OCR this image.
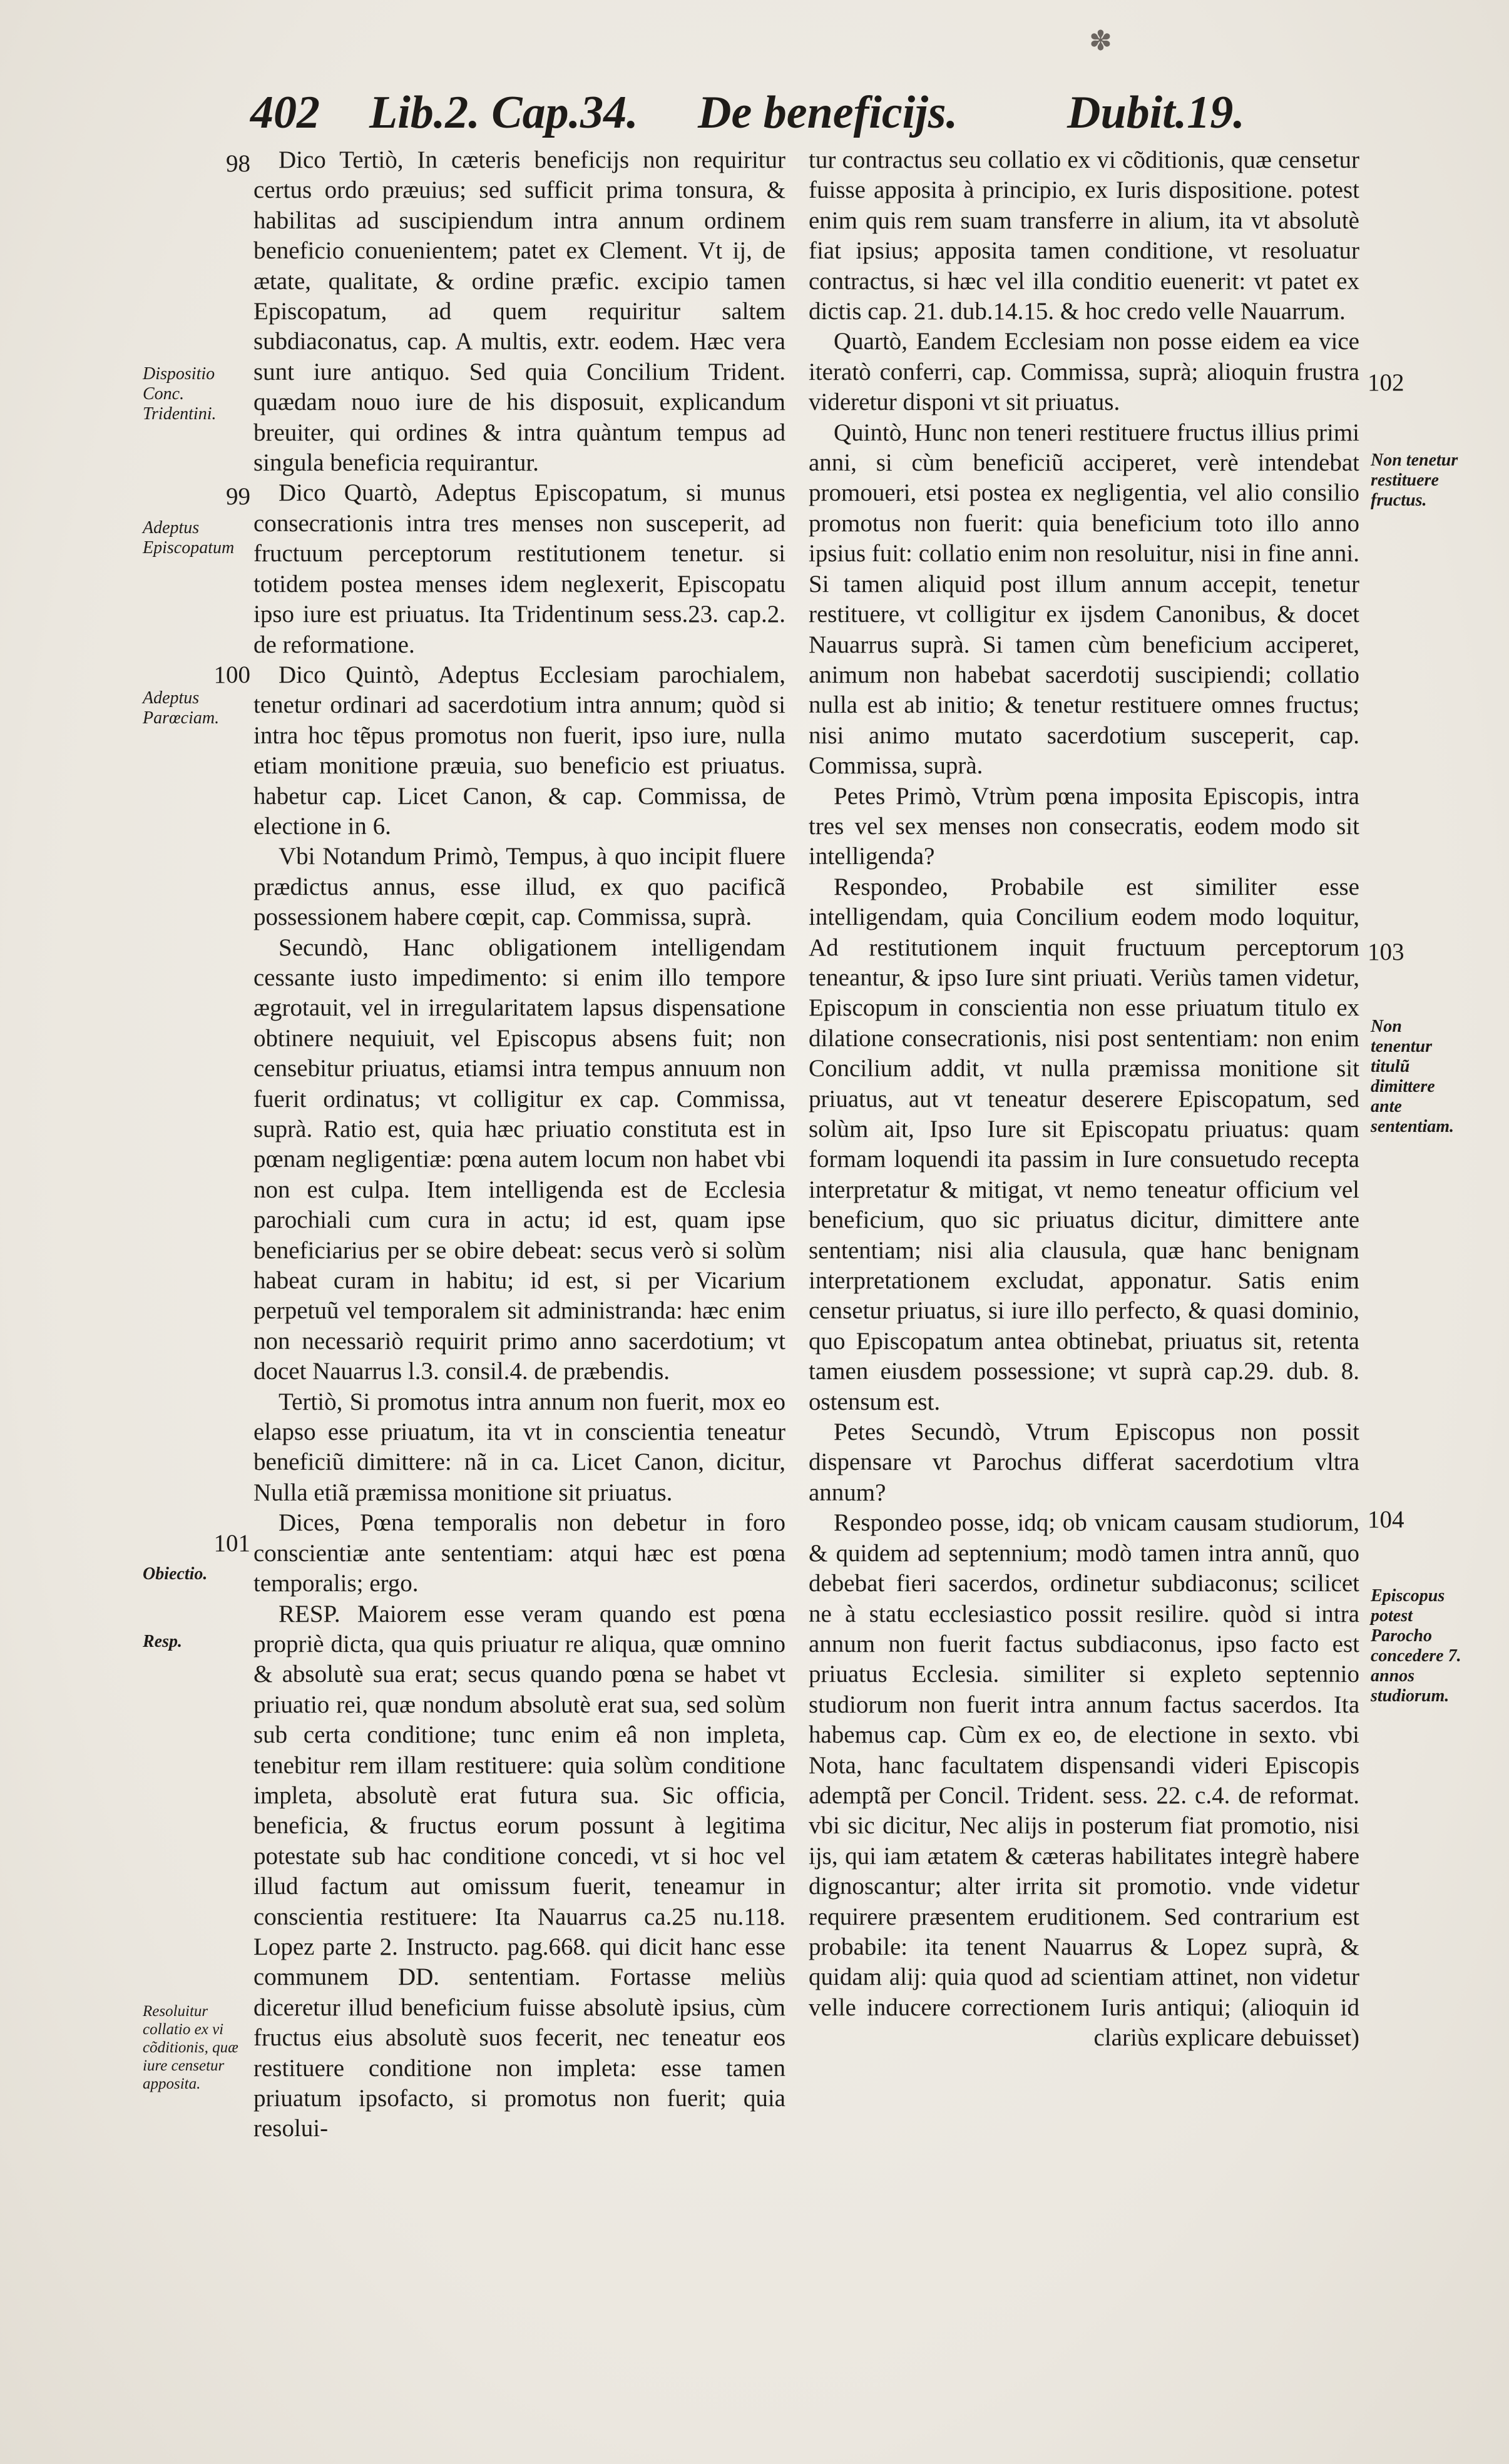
✽
402 Lib.2. Cap.34. De beneficijs. Dubit.19.
98
99
100
101
Dispositio Conc. Tridentini.
Adeptus Episcopatum
Adeptus Parœciam.
Obiectio.
Resp.
Resoluitur collatio ex vi cõditionis, quæ iure censetur apposita.

Dico Tertiò, In cæteris beneficijs non requiritur certus ordo præuius; sed sufficit prima tonsura, & habilitas ad suscipiendum intra annum ordinem beneficio conuenientem; patet ex Clement. Vt ij, de ætate, qualitate, & ordine præfic. excipio tamen Episcopatum, ad quem requiritur saltem subdiaconatus, cap. A multis, extr. eodem. Hæc vera sunt iure antiquo. Sed quia Concilium Trident. quædam nouo iure de his disposuit, explicandum breuiter, qui ordines & intra quàntum tempus ad singula beneficia requirantur.

Dico Quartò, Adeptus Episcopatum, si munus consecrationis intra tres menses non susceperit, ad fructuum perceptorum restitutionem tenetur. si totidem postea menses idem neglexerit, Episcopatu ipso iure est priuatus. Ita Tridentinum sess.23. cap.2. de reformatione.

Dico Quintò, Adeptus Ecclesiam parochialem, tenetur ordinari ad sacerdotium intra annum; quòd si intra hoc tẽpus promotus non fuerit, ipso iure, nulla etiam monitione præuia, suo beneficio est priuatus. habetur cap. Licet Canon, & cap. Commissa, de electione in 6.

Vbi Notandum Primò, Tempus, à quo incipit fluere prædictus annus, esse illud, ex quo pacificã possessionem habere cœpit, cap. Commissa, suprà.

Secundò, Hanc obligationem intelligendam cessante iusto impedimento: si enim illo tempore ægrotauit, vel in irregularitatem lapsus dispensatione obtinere nequiuit, vel Episcopus absens fuit; non censebitur priuatus, etiamsi intra tempus annuum non fuerit ordinatus; vt colligitur ex cap. Commissa, suprà. Ratio est, quia hæc priuatio constituta est in pœnam negligentiæ: pœna autem locum non habet vbi non est culpa. Item intelligenda est de Ecclesia parochiali cum cura in actu; id est, quam ipse beneficiarius per se obire debeat: secus verò si solùm habeat curam in habitu; id est, si per Vicarium perpetuũ vel temporalem sit administranda: hæc enim non necessariò requirit primo anno sacerdotium; vt docet Nauarrus l.3. consil.4. de præbendis.

Tertiò, Si promotus intra annum non fuerit, mox eo elapso esse priuatum, ita vt in conscientia teneatur beneficiũ dimittere: nã in ca. Licet Canon, dicitur, Nulla etiã præmissa monitione sit priuatus.

Dices, Pœna temporalis non debetur in foro conscientiæ ante sententiam: atqui hæc est pœna temporalis; ergo.

RESP. Maiorem esse veram quando est pœna propriè dicta, qua quis priuatur re aliqua, quæ omnino & absolutè sua erat; secus quando pœna se habet vt priuatio rei, quæ nondum absolutè erat sua, sed solùm sub certa conditione; tunc enim eâ non impleta, tenebitur rem illam restituere: quia solùm conditione impleta, absolutè erat futura sua. Sic officia, beneficia, & fructus eorum possunt à legitima potestate sub hac conditione concedi, vt si hoc vel illud factum aut omissum fuerit, teneamur in conscientia restituere: Ita Nauarrus ca.25 nu.118. Lopez parte 2. Instructo. pag.668. qui dicit hanc esse communem DD. sententiam. Fortasse meliùs diceretur illud beneficium fuisse absolutè ipsius, cùm fructus eius absolutè suos fecerit, nec teneatur eos restituere conditione non impleta: esse tamen priuatum ipsofacto, si promotus non fuerit; quia resolui-

102
103
104
Non tenetur restituere fructus.
Non tenentur titulũ dimittere ante sententiam.
Episcopus potest Parocho concedere 7. annos studiorum.

tur contractus seu collatio ex vi cõditionis, quæ censetur fuisse apposita à principio, ex Iuris dispositione. potest enim quis rem suam transferre in alium, ita vt absolutè fiat ipsius; apposita tamen conditione, vt resoluatur contractus, si hæc vel illa conditio euenerit: vt patet ex dictis cap. 21. dub.14.15. & hoc credo velle Nauarrum.

Quartò, Eandem Ecclesiam non posse eidem ea vice iteratò conferri, cap. Commissa, suprà; alioquin frustra videretur disponi vt sit priuatus.

Quintò, Hunc non teneri restituere fructus illius primi anni, si cùm beneficiũ acciperet, verè intendebat promoueri, etsi postea ex negligentia, vel alio consilio promotus non fuerit: quia beneficium toto illo anno ipsius fuit: collatio enim non resoluitur, nisi in fine anni. Si tamen aliquid post illum annum accepit, tenetur restituere, vt colligitur ex ijsdem Canonibus, & docet Nauarrus suprà. Si tamen cùm beneficium acciperet, animum non habebat sacerdotij suscipiendi; collatio nulla est ab initio; & tenetur restituere omnes fructus; nisi animo mutato sacerdotium susceperit, cap. Commissa, suprà.

Petes Primò, Vtrùm pœna imposita Episcopis, intra tres vel sex menses non consecratis, eodem modo sit intelligenda?

Respondeo, Probabile est similiter esse intelligendam, quia Concilium eodem modo loquitur, Ad restitutionem inquit fructuum perceptorum teneantur, & ipso Iure sint priuati. Veriùs tamen videtur, Episcopum in conscientia non esse priuatum titulo ex dilatione consecrationis, nisi post sententiam: non enim Concilium addit, vt nulla præmissa monitione sit priuatus, aut vt teneatur deserere Episcopatum, sed solùm ait, Ipso Iure sit Episcopatu priuatus: quam formam loquendi ita passim in Iure consuetudo recepta interpretatur & mitigat, vt nemo teneatur officium vel beneficium, quo sic priuatus dicitur, dimittere ante sententiam; nisi alia clausula, quæ hanc benignam interpretationem excludat, apponatur. Satis enim censetur priuatus, si iure illo perfecto, & quasi dominio, quo Episcopatum antea obtinebat, priuatus sit, retenta tamen eiusdem possessione; vt suprà cap.29. dub. 8. ostensum est.

Petes Secundò, Vtrum Episcopus non possit dispensare vt Parochus differat sacerdotium vltra annum?

Respondeo posse, idq; ob vnicam causam studiorum, & quidem ad septennium; modò tamen intra annũ, quo debebat fieri sacerdos, ordinetur subdiaconus; scilicet ne à statu ecclesiastico possit resilire. quòd si intra annum non fuerit factus subdiaconus, ipso facto est priuatus Ecclesia. similiter si expleto septennio studiorum non fuerit intra annum factus sacerdos. Ita habemus cap. Cùm ex eo, de electione in sexto. vbi Nota, hanc facultatem dispensandi videri Episcopis ademptã per Concil. Trident. sess. 22. c.4. de reformat. vbi sic dicitur, Nec alijs in posterum fiat promotio, nisi ijs, qui iam ætatem & cæteras habilitates integrè habere dignoscantur; alter irrita sit promotio. vnde videtur requirere præsentem eruditionem. Sed contrarium est probabile: ita tenent Nauarrus & Lopez suprà, & quidam alij: quia quod ad scientiam attinet, non videtur velle inducere correctionem Iuris antiqui; (alioquin id clariùs explicare debuisset)
